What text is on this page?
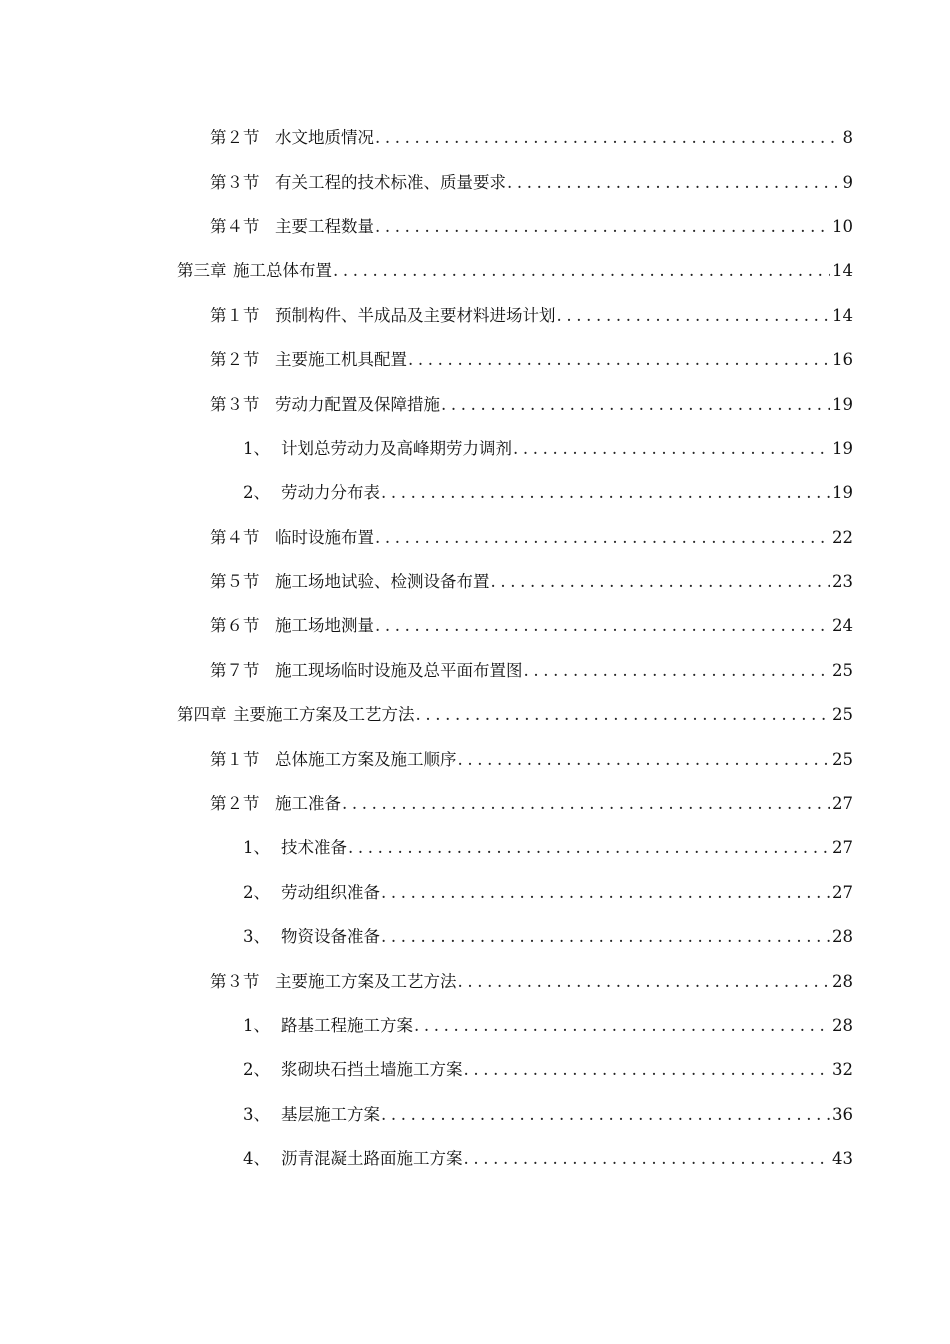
第２节 水文地质情况 . . .	8
第３节 有关工程的技术标准、质量要求 . . .	9
第４节 主要工程数量 . . .	10
第三章 施工总体布置 . . .	14
第１节 预制构件、半成品及主要材料进场计划 . . .	14
第２节 主要施工机具配置 . . .	16
第３节 劳动力配置及保障措施 . . .	19
1、 计划总劳动力及高峰期劳力调剂 . . .	19
2、 劳动力分布表 . . .	19
第４节 临时设施布置 . . .	22
第５节 施工场地试验、检测设备布置 . . .	23
第６节 施工场地测量 . . .	24
第７节 施工现场临时设施及总平面布置图 . . .	25
第四章 主要施工方案及工艺方法 . . .	25
第１节 总体施工方案及施工顺序 . . .	25
第２节 施工准备 . . .	27
1、 技术准备 . . .	27
2、 劳动组织准备 . . .	27
3、 物资设备准备 . . .	28
第３节 主要施工方案及工艺方法 . . .	28
1、 路基工程施工方案 . . .	28
2、 浆砌块石挡土墙施工方案 . . .	32
3、 基层施工方案 . . .	36
4、 沥青混凝土路面施工方案 . . .	43
